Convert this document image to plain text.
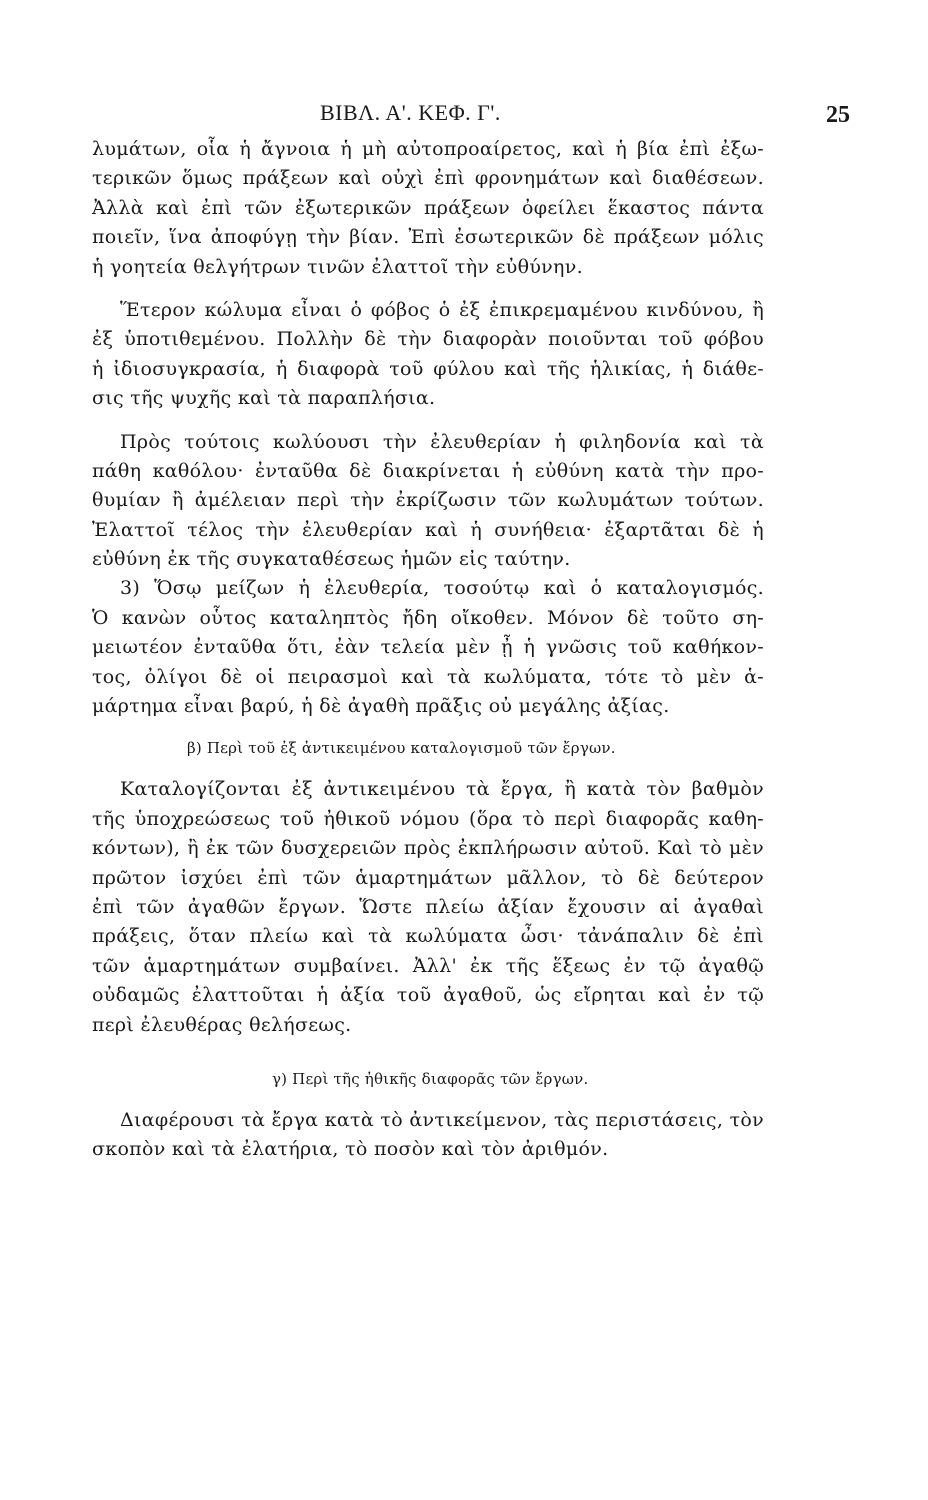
ΒΙΒΛ. Α'. ΚΕΦ. Γ'.	25
λυμάτων, οἷα ἡ ἄγνοια ἡ μὴ αὐτοπροαίρετος, καὶ ἡ βία ἐπὶ ἐξω-
τερικῶν ὅμως πράξεων καὶ οὐχὶ ἐπὶ φρονημάτων καὶ διαθέσεων.
Ἀλλὰ καὶ ἐπὶ τῶν ἐξωτερικῶν πράξεων ὀφείλει ἕκαστος πάντα
ποιεῖν, ἵνα ἀποφύγῃ τὴν βίαν. Ἐπὶ ἐσωτερικῶν δὲ πράξεων μόλις
ἡ γοητεία θελγήτρων τινῶν ἐλαττοῖ τὴν εὐθύνην.
Ἕτερον κώλυμα εἶναι ὁ φόβος ὁ ἐξ ἐπικρεμαμένου κινδύνου, ἢ
ἐξ ὑποτιθεμένου. Πολλὴν δὲ τὴν διαφορὰν ποιοῦνται τοῦ φόβου
ἡ ἰδιοσυγκρασία, ἡ διαφορὰ τοῦ φύλου καὶ τῆς ἡλικίας, ἡ διάθε-
σις τῆς ψυχῆς καὶ τὰ παραπλήσια.
Πρὸς τούτοις κωλύουσι τὴν ἐλευθερίαν ἡ φιληδονία καὶ τὰ
πάθη καθόλου· ἐνταῦθα δὲ διακρίνεται ἡ εὐθύνη κατὰ τὴν προ-
θυμίαν ἢ ἀμέλειαν περὶ τὴν ἐκρίζωσιν τῶν κωλυμάτων τούτων.
Ἐλαττοῖ τέλος τὴν ἐλευθερίαν καὶ ἡ συνήθεια· ἐξαρτᾶται δὲ ἡ
εὐθύνη ἐκ τῆς συγκαταθέσεως ἡμῶν εἰς ταύτην.
3) Ὅσῳ μείζων ἡ ἐλευθερία, τοσούτῳ καὶ ὁ καταλογισμός.
Ὁ κανὼν οὗτος καταληπτὸς ἤδη οἴκοθεν. Μόνον δὲ τοῦτο ση-
μειωτέον ἐνταῦθα ὅτι, ἐὰν τελεία μὲν ᾖ ἡ γνῶσις τοῦ καθήκον-
τος, ὀλίγοι δὲ οἱ πειρασμοὶ καὶ τὰ κωλύματα, τότε τὸ μὲν ἁ-
μάρτημα εἶναι βαρύ, ἡ δὲ ἀγαθὴ πρᾶξις οὐ μεγάλης ἀξίας.
β) Περὶ τοῦ ἐξ ἀντικειμένου καταλογισμοῦ τῶν ἔργων.
Καταλογίζονται ἐξ ἀντικειμένου τὰ ἔργα, ἢ κατὰ τὸν βαθμὸν
τῆς ὑποχρεώσεως τοῦ ἠθικοῦ νόμου (ὅρα τὸ περὶ διαφορᾶς καθη-
κόντων), ἢ ἐκ τῶν δυσχερειῶν πρὸς ἐκπλήρωσιν αὐτοῦ. Καὶ τὸ μὲν
πρῶτον ἰσχύει ἐπὶ τῶν ἁμαρτημάτων μᾶλλον, τὸ δὲ δεύτερον
ἐπὶ τῶν ἀγαθῶν ἔργων. Ὥστε πλείω ἀξίαν ἔχουσιν αἱ ἀγαθαὶ
πράξεις, ὅταν πλείω καὶ τὰ κωλύματα ὦσι· τἀνάπαλιν δὲ ἐπὶ
τῶν ἁμαρτημάτων συμβαίνει. Ἀλλ' ἐκ τῆς ἕξεως ἐν τῷ ἀγαθῷ
οὐδαμῶς ἐλαττοῦται ἡ ἀξία τοῦ ἀγαθοῦ, ὡς εἴρηται καὶ ἐν τῷ
περὶ ἐλευθέρας θελήσεως.
γ) Περὶ τῆς ἠθικῆς διαφορᾶς τῶν ἔργων.
Διαφέρουσι τὰ ἔργα κατὰ τὸ ἀντικείμενον, τὰς περιστάσεις, τὸν
σκοπὸν καὶ τὰ ἐλατήρια, τὸ ποσὸν καὶ τὸν ἀριθμόν.
